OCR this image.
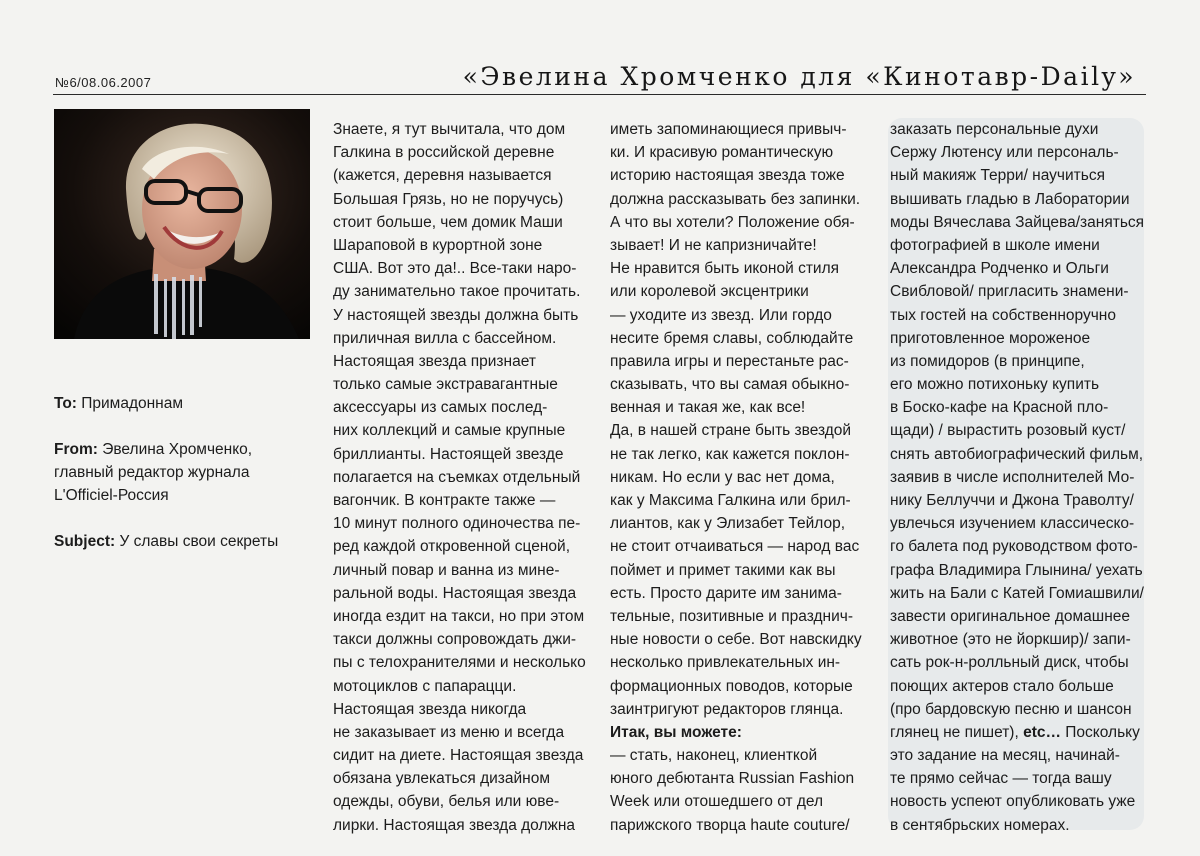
№6/08.06.2007	«Эвелина Хромченко для «Кинотавр-Daily»
To: Примадоннам
From: Эвелина Хромченко,
главный редактор журнала
L'Officiel-Россия
Subject: У славы свои секреты
Знаете, я тут вычитала, что дом
Галкина в российской деревне
(кажется, деревня называется
Большая Грязь, но не поручусь)
стоит больше, чем домик Маши
Шараповой в курортной зоне
США. Вот это да!.. Все-таки наро-
ду занимательно такое прочитать.
У настоящей звезды должна быть
приличная вилла с бассейном.
Настоящая звезда признает
только самые экстравагантные
аксессуары из самых послед-
них коллекций и самые крупные
бриллианты. Настоящей звезде
полагается на съемках отдельный
вагончик. В контракте также —
10 минут полного одиночества пе-
ред каждой откровенной сценой,
личный повар и ванна из мине-
ральной воды. Настоящая звезда
иногда ездит на такси, но при этом
такси должны сопровождать джи-
пы с телохранителями и несколько
мотоциклов с папарацци.
Настоящая звезда никогда
не заказывает из меню и всегда
сидит на диете. Настоящая звезда
обязана увлекаться дизайном
одежды, обуви, белья или юве-
лирки. Настоящая звезда должна
иметь запоминающиеся привыч-
ки. И красивую романтическую
историю настоящая звезда тоже
должна рассказывать без запинки.
А что вы хотели? Положение обя-
зывает! И не капризничайте!
Не нравится быть иконой стиля
или королевой эксцентрики
— уходите из звезд. Или гордо
несите бремя славы, соблюдайте
правила игры и перестаньте рас-
сказывать, что вы самая обыкно-
венная и такая же, как все!
Да, в нашей стране быть звездой
не так легко, как кажется поклон-
никам. Но если у вас нет дома,
как у Максима Галкина или брил-
лиантов, как у Элизабет Тейлор,
не стоит отчаиваться — народ вас
поймет и примет такими как вы
есть. Просто дарите им занима-
тельные, позитивные и празднич-
ные новости о себе. Вот навскидку
несколько привлекательных ин-
формационных поводов, которые
заинтригуют редакторов глянца.
Итак, вы можете:
— стать, наконец, клиенткой
юного дебютанта Russian Fashion
Week или отошедшего от дел
парижского творца haute couture/
заказать персональные духи
Сержу Лютенсу или персональ-
ный макияж Терри/ научиться
вышивать гладью в Лаборатории
моды Вячеслава Зайцева/заняться
фотографией в школе имени
Александра Родченко и Ольги
Свибловой/ пригласить знамени-
тых гостей на собственноручно
приготовленное мороженое
из помидоров (в принципе,
его можно потихоньку купить
в Боско-кафе на Красной пло-
щади) / вырастить розовый куст/
снять автобиографический фильм,
заявив в числе исполнителей Мо-
нику Беллуччи и Джона Траволту/
увлечься изучением классическо-
го балета под руководством фото-
графа Владимира Глынина/ уехать
жить на Бали с Катей Гомиашвили/
завести оригинальное домашнее
животное (это не йоркшир)/ запи-
сать рок-н-ролльный диск, чтобы
поющих актеров стало больше
(про бардовскую песню и шансон
глянец не пишет), etc… Поскольку
это задание на месяц, начинай-
те прямо сейчас — тогда вашу
новость успеют опубликовать уже
в сентябрьских номерах.
